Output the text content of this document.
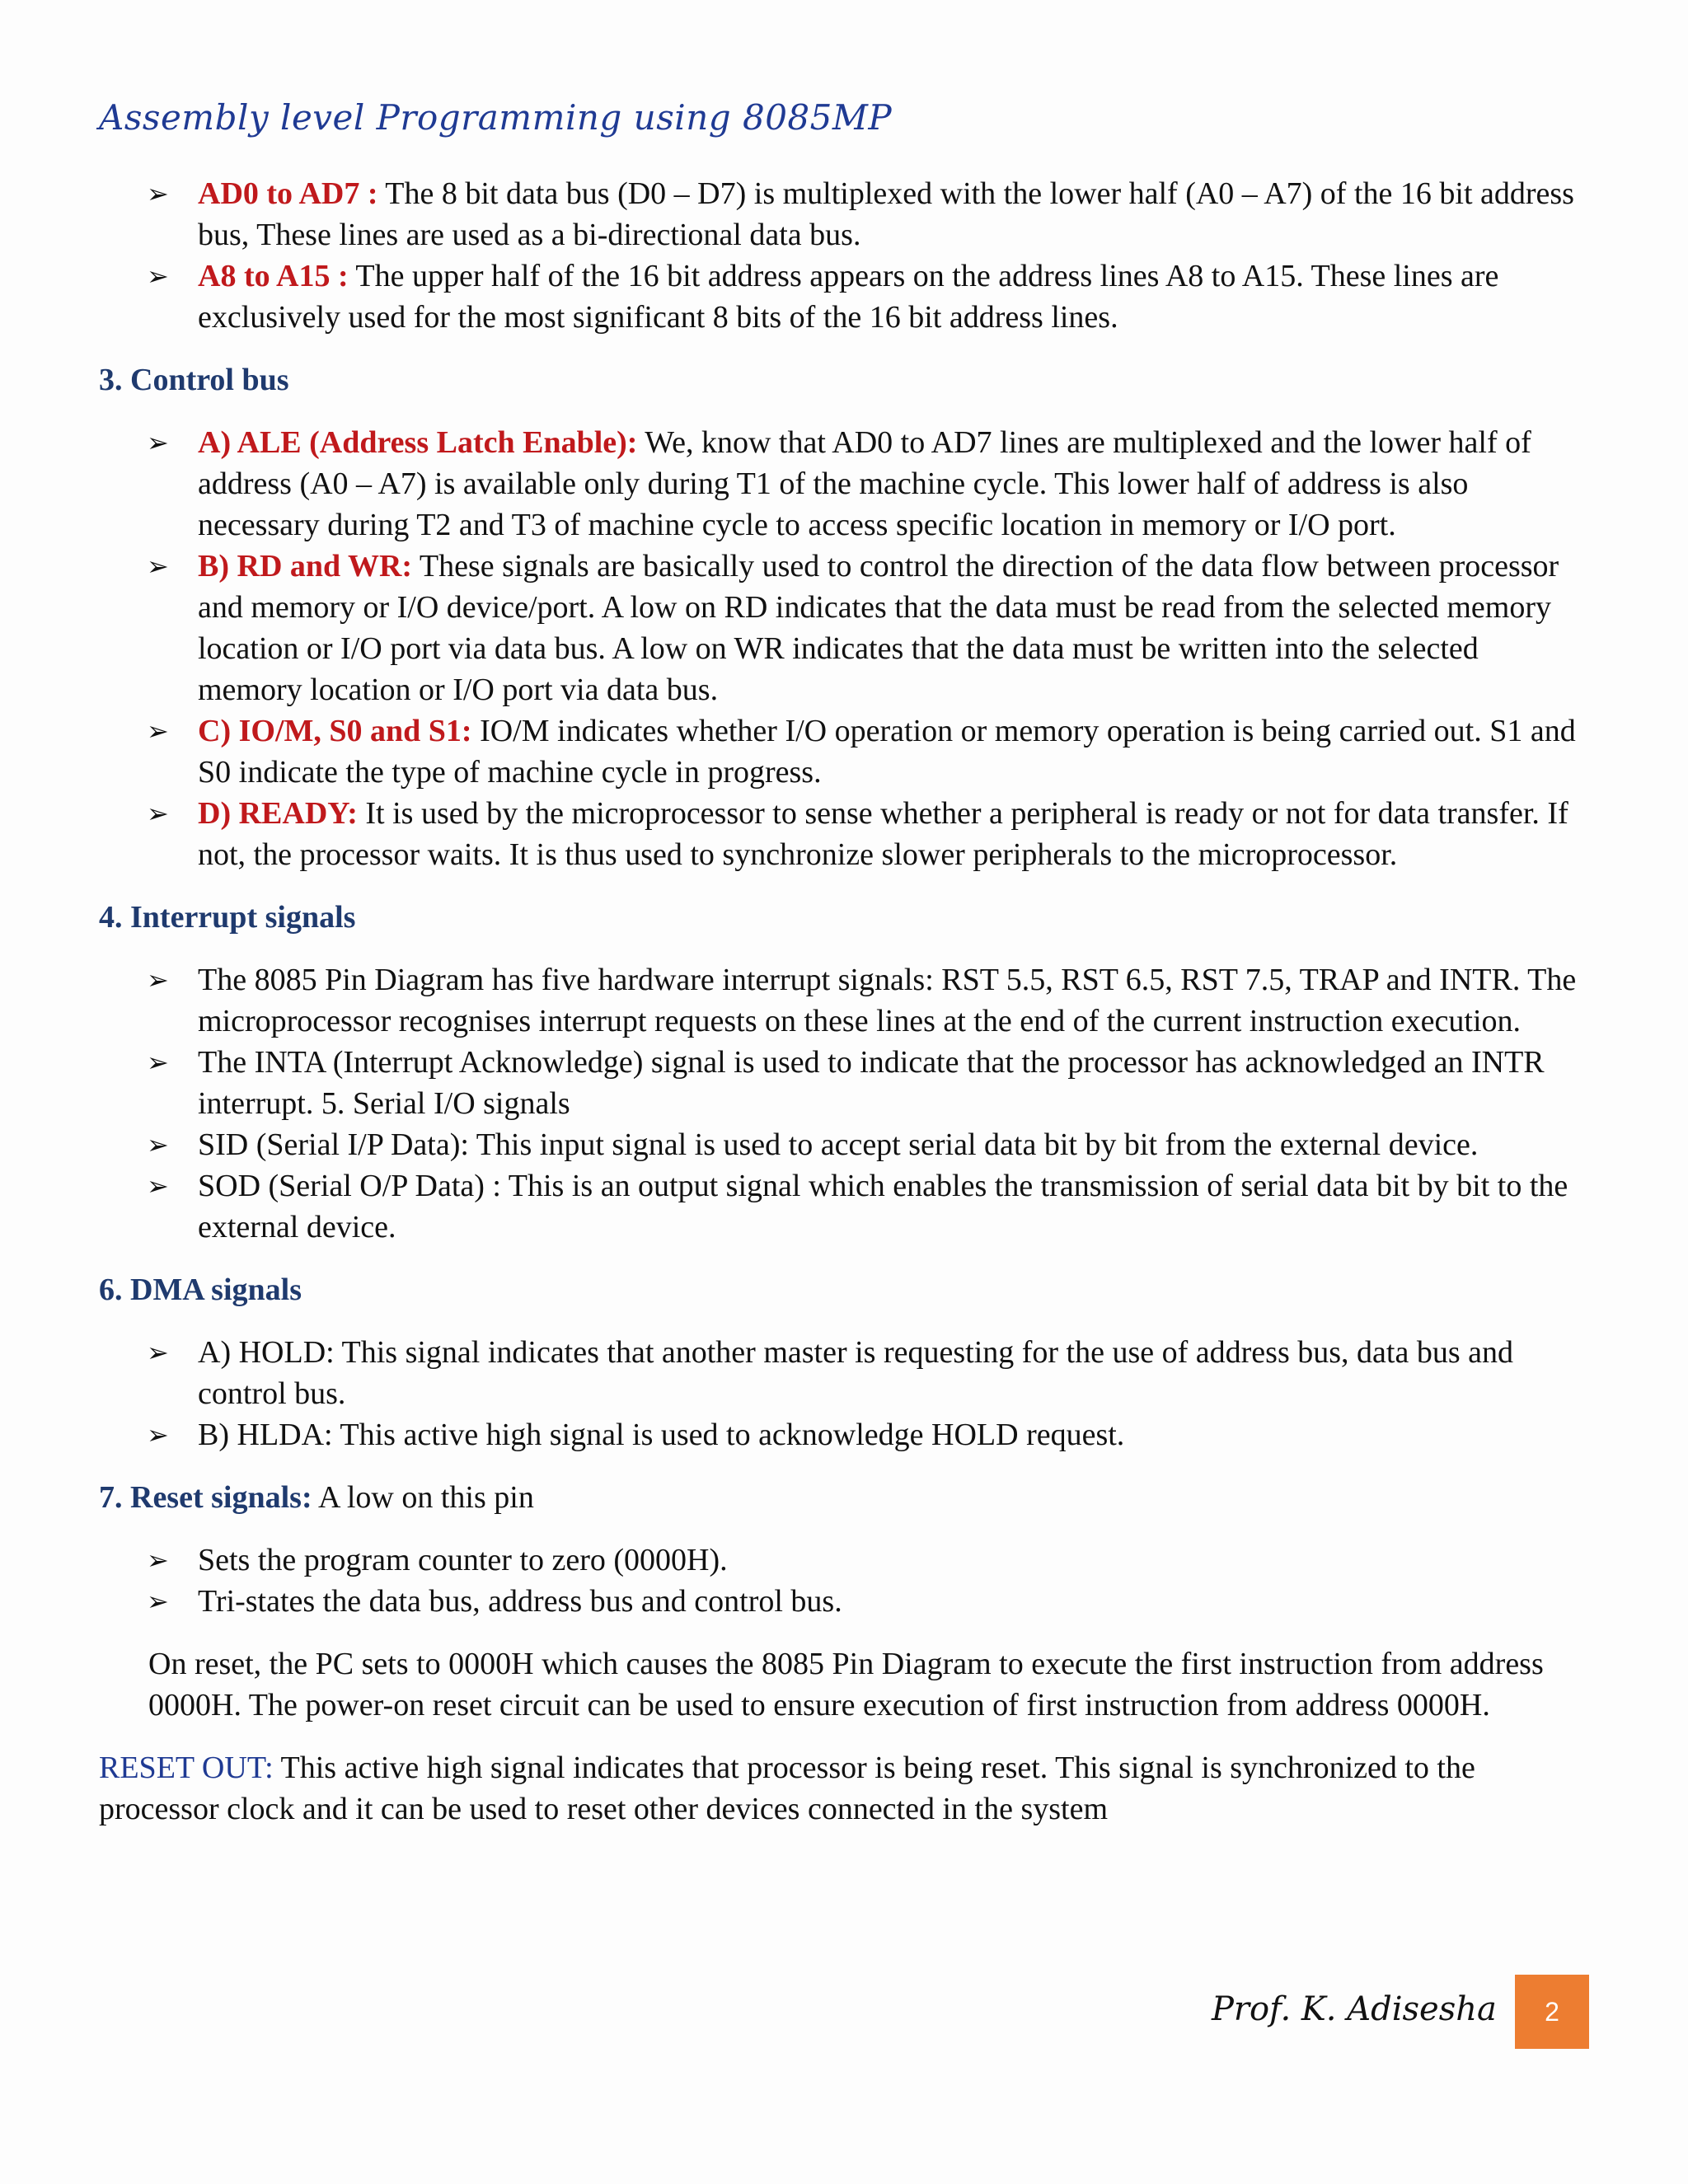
Assembly level Programming using 8085MP
➢ AD0 to AD7 : The 8 bit data bus (D0 – D7) is multiplexed with the lower half (A0 – A7) of the 16 bit address bus, These lines are used as a bi-directional data bus.
➢ A8 to A15 : The upper half of the 16 bit address appears on the address lines A8 to A15. These lines are exclusively used for the most significant 8 bits of the 16 bit address lines.
3. Control bus
➢ A) ALE (Address Latch Enable): We, know that AD0 to AD7 lines are multiplexed and the lower half of address (A0 – A7) is available only during T1 of the machine cycle. This lower half of address is also necessary during T2 and T3 of machine cycle to access specific location in memory or I/O port.
➢ B) RD and WR: These signals are basically used to control the direction of the data flow between processor and memory or I/O device/port. A low on RD indicates that the data must be read from the selected memory location or I/O port via data bus. A low on WR indicates that the data must be written into the selected memory location or I/O port via data bus.
➢ C) IO/M, S0 and S1: IO/M indicates whether I/O operation or memory operation is being carried out. S1 and S0 indicate the type of machine cycle in progress.
➢ D) READY: It is used by the microprocessor to sense whether a peripheral is ready or not for data transfer. If not, the processor waits. It is thus used to synchronize slower peripherals to the microprocessor.
4. Interrupt signals
➢ The 8085 Pin Diagram has five hardware interrupt signals: RST 5.5, RST 6.5, RST 7.5, TRAP and INTR. The microprocessor recognises interrupt requests on these lines at the end of the current instruction execution.
➢ The INTA (Interrupt Acknowledge) signal is used to indicate that the processor has acknowledged an INTR interrupt. 5. Serial I/O signals
➢ SID (Serial I/P Data): This input signal is used to accept serial data bit by bit from the external device.
➢ SOD (Serial O/P Data) : This is an output signal which enables the transmission of serial data bit by bit to the external device.
6. DMA signals
➢ A) HOLD: This signal indicates that another master is requesting for the use of address bus, data bus and control bus.
➢ B) HLDA: This active high signal is used to acknowledge HOLD request.
7. Reset signals: A low on this pin
➢ Sets the program counter to zero (0000H).
➢ Tri-states the data bus, address bus and control bus.

On reset, the PC sets to 0000H which causes the 8085 Pin Diagram to execute the first instruction from address 0000H. The power-on reset circuit can be used to ensure execution of first instruction from address 0000H.

RESET OUT: This active high signal indicates that processor is being reset. This signal is synchronized to the processor clock and it can be used to reset other devices connected in the system

Prof. K. Adisesha	2
